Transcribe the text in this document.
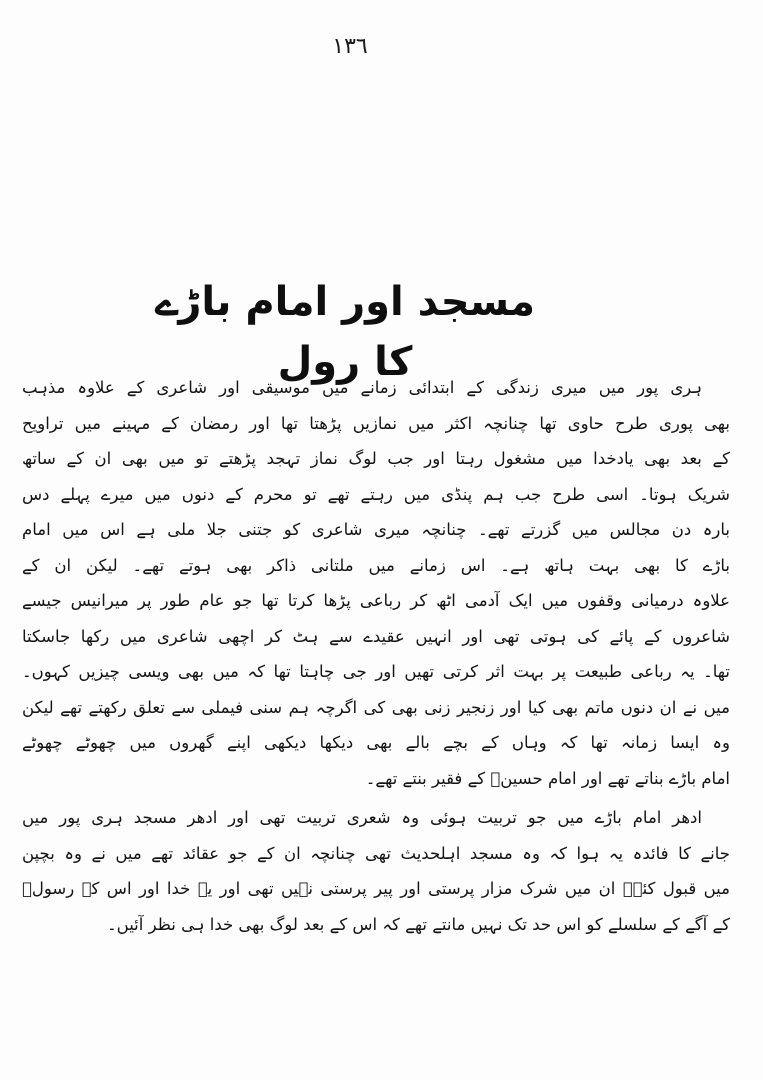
١٣٦
مسجد اور امام باڑے کا رول
ہری پور میں میری زندگی کے ابتدائی زمانے میں موسیقی اور شاعری کے علاوہ مذہب
بھی پوری طرح حاوی تھا چنانچہ اکثر میں نمازیں پڑھتا تھا اور رمضان کے مہینے میں تراویح
کے بعد بھی یادخدا میں مشغول رہتا اور جب لوگ نماز تہجد پڑھتے تو میں بھی ان کے ساتھ
شریک ہوتا۔ اسی طرح جب ہم پنڈی میں رہتے تھے تو محرم کے دنوں میں میرے پہلے دس
بارہ دن مجالس میں گزرتے تھے۔ چنانچہ میری شاعری کو جتنی جلا ملی ہے اس میں امام
باڑے کا بھی بہت ہاتھ ہے۔ اس زمانے میں ملتانی ذاکر بھی ہوتے تھے۔ لیکن ان کے
علاوہ درمیانی وقفوں میں ایک آدمی اٹھ کر رباعی پڑھا کرتا تھا جو عام طور پر میرانیس جیسے
شاعروں کے پائے کی ہوتی تھی اور انہیں عقیدے سے ہٹ کر اچھی شاعری میں رکھا جاسکتا
تھا۔ یہ رباعی طبیعت پر بہت اثر کرتی تھیں اور جی چاہتا تھا کہ میں بھی ویسی چیزیں کہوں۔
میں نے ان دنوں ماتم بھی کیا اور زنجیر زنی بھی کی اگرچہ ہم سنی فیملی سے تعلق رکھتے تھے لیکن
وہ ایسا زمانہ تھا کہ وہاں کے بچے بالے بھی دیکھا دیکھی اپنے گھروں میں چھوٹے چھوٹے
امام باڑے بناتے تھے اور امام حسینؓ کے فقیر بنتے تھے۔
ادھر امام باڑے میں جو تربیت ہوئی وہ شعری تربیت تھی اور ادھر مسجد ہری پور میں
جانے کا فائدہ یہ ہوا کہ وہ مسجد اہلحدیث تھی چنانچہ ان کے جو عقائد تھے میں نے وہ بچپن
میں قبول کئے۔ ان میں شرک مزار پرستی اور پیر پرستی نہیں تھی اور یہ خدا اور اس کے رسولؐ
کے آگے کے سلسلے کو اس حد تک نہیں مانتے تھے کہ اس کے بعد لوگ بھی خدا ہی نظر آئیں۔
